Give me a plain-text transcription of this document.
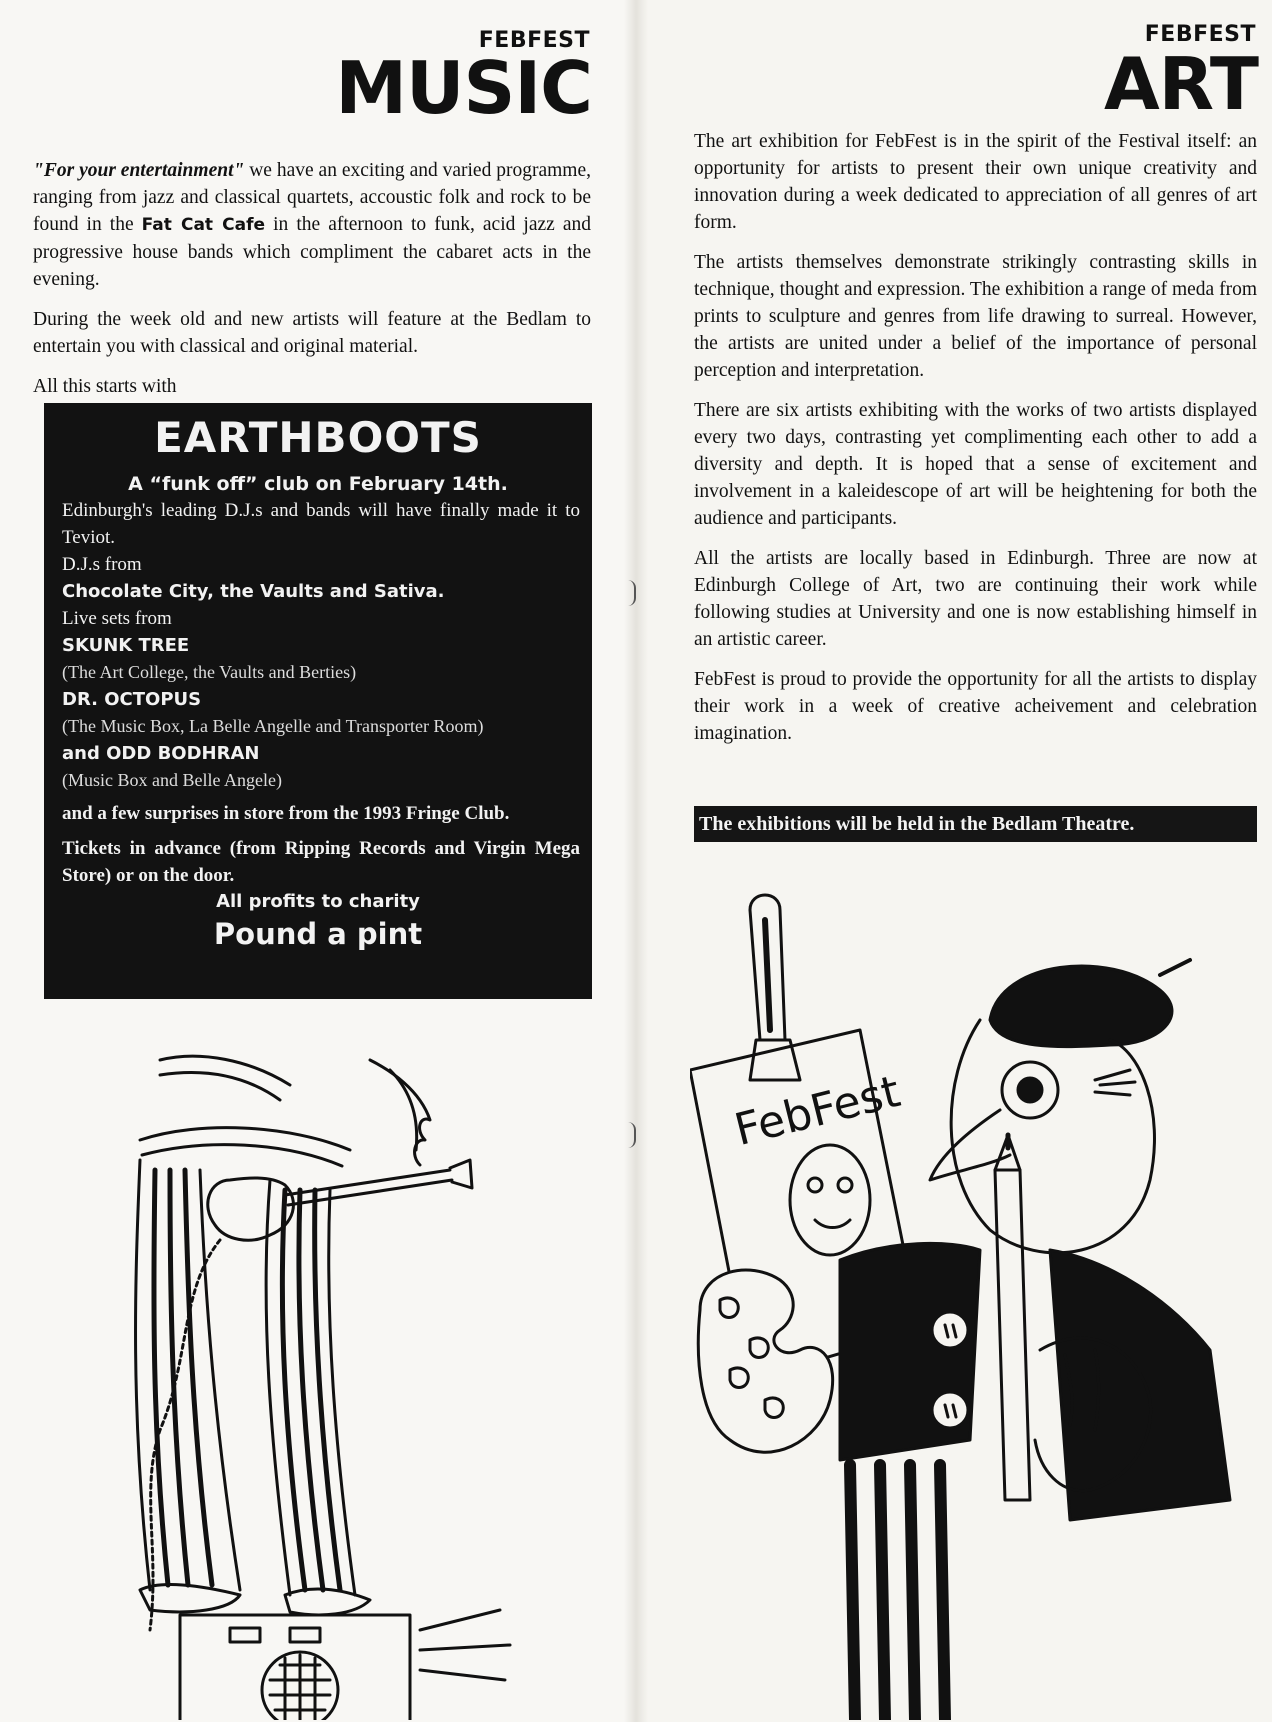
FEBFEST
MUSIC

"For your entertainment" we have an exciting and varied programme, ranging from jazz and classical quartets, accoustic folk and rock to be found in the Fat Cat Cafe in the afternoon to funk, acid jazz and progressive house bands which compliment the cabaret acts in the evening.

During the week old and new artists will feature at the Bedlam to entertain you with classical and original material.

All this starts with

EARTHBOOTS
A “funk off” club on February 14th.
Edinburgh's leading D.J.s and bands will have finally made it to Teviot.
D.J.s from
Chocolate City, the Vaults and Sativa.
Live sets from
SKUNK TREE
(The Art College, the Vaults and Berties)
DR. OCTOPUS
(The Music Box, La Belle Angelle and Transporter Room)
and ODD BODHRAN
(Music Box and Belle Angele)
and a few surprises in store from the 1993 Fringe Club.
Tickets in advance (from Ripping Records and Virgin Mega Store) or on the door.
All profits to charity
Pound a pint
FEBFEST
ART

The art exhibition for FebFest is in the spirit of the Festival itself: an opportunity for artists to present their own unique creativity and innovation during a week dedicated to appreciation of all genres of art form.

The artists themselves demonstrate strikingly contrasting skills in technique, thought and expression. The exhibition a range of meda from prints to sculpture and genres from life drawing to surreal. However, the artists are united under a belief of the importance of personal perception and interpretation.

There are six artists exhibiting with the works of two artists displayed every two days, contrasting yet complimenting each other to add a diversity and depth. It is hoped that a sense of excitement and involvement in a kaleidescope of art will be heightening for both the audience and participants.

All the artists are locally based in Edinburgh. Three are now at Edinburgh College of Art, two are continuing their work while following studies at University and one is now establishing himself in an artistic career.

FebFest is proud to provide the opportunity for all the artists to display their work in a week of creative acheivement and celebration imagination.

The exhibitions will be held in the Bedlam Theatre.
FebFest
